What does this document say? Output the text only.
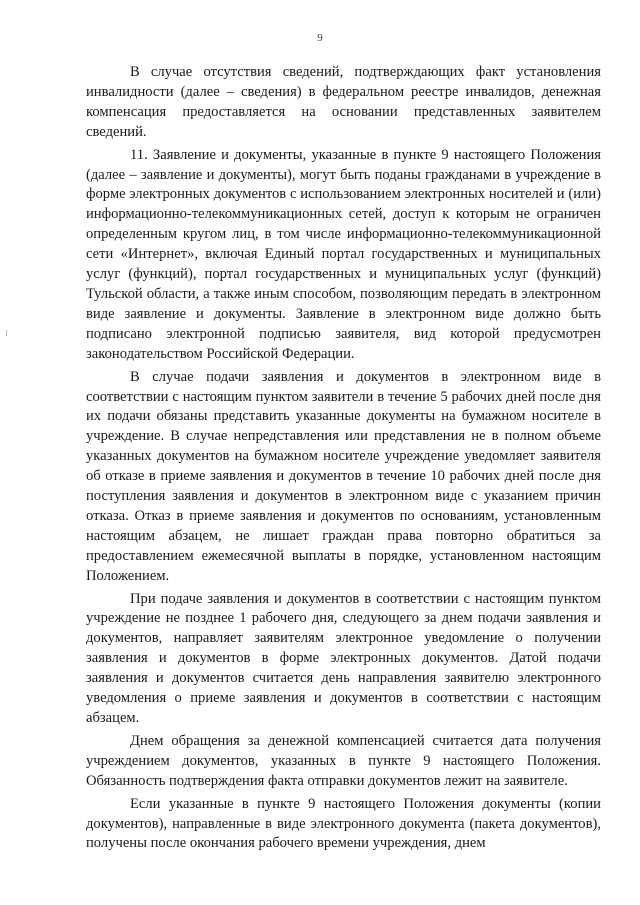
9

В случае отсутствия сведений, подтверждающих факт установления инвалидности (далее – сведения) в федеральном реестре инвалидов, денежная компенсация предоставляется на основании представленных заявителем сведений.

11. Заявление и документы, указанные в пункте 9 настоящего Положения (далее – заявление и документы), могут быть поданы гражданами в учреждение в форме электронных документов с использованием электронных носителей и (или) информационно-телекоммуникационных сетей, доступ к которым не ограничен определенным кругом лиц, в том числе информационно-телекоммуникационной сети «Интернет», включая Единый портал государственных и муниципальных услуг (функций), портал государственных и муниципальных услуг (функций) Тульской области, а также иным способом, позволяющим передать в электронном виде заявление и документы. Заявление в электронном виде должно быть подписано электронной подписью заявителя, вид которой предусмотрен законодательством Российской Федерации.

В случае подачи заявления и документов в электронном виде в соответствии с настоящим пунктом заявители в течение 5 рабочих дней после дня их подачи обязаны представить указанные документы на бумажном носителе в учреждение. В случае непредставления или представления не в полном объеме указанных документов на бумажном носителе учреждение уведомляет заявителя об отказе в приеме заявления и документов в течение 10 рабочих дней после дня поступления заявления и документов в электронном виде с указанием причин отказа. Отказ в приеме заявления и документов по основаниям, установленным настоящим абзацем, не лишает граждан права повторно обратиться за предоставлением ежемесячной выплаты в порядке, установленном настоящим Положением.

При подаче заявления и документов в соответствии с настоящим пунктом учреждение не позднее 1 рабочего дня, следующего за днем подачи заявления и документов, направляет заявителям электронное уведомление о получении заявления и документов в форме электронных документов. Датой подачи заявления и документов считается день направления заявителю электронного уведомления о приеме заявления и документов в соответствии с настоящим абзацем.

Днем обращения за денежной компенсацией считается дата получения учреждением документов, указанных в пункте 9 настоящего Положения. Обязанность подтверждения факта отправки документов лежит на заявителе.

Если указанные в пункте 9 настоящего Положения документы (копии документов), направленные в виде электронного документа (пакета документов), получены после окончания рабочего времени учреждения, днем
